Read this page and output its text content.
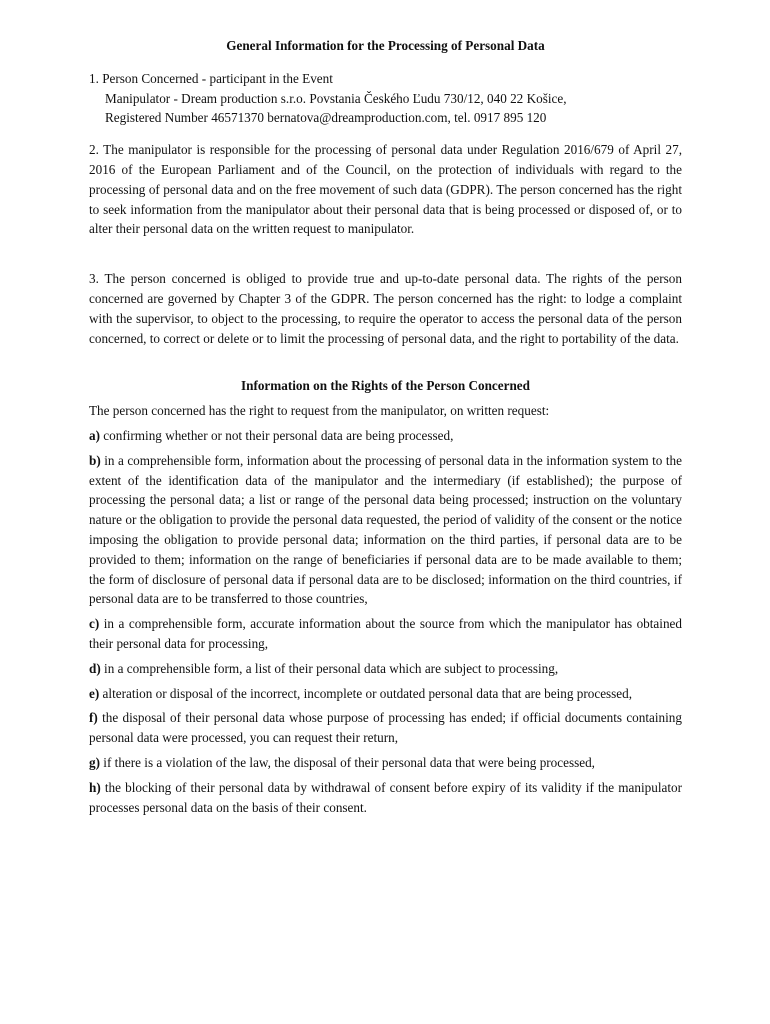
General Information for the Processing of Personal Data

1. Person Concerned - participant in the Event

Manipulator - Dream production s.r.o. Povstania Českého Ľudu 730/12, 040 22 Košice,

Registered Number 46571370 bernatova@dreamproduction.com, tel. 0917 895 120

2. The manipulator is responsible for the processing of personal data under Regulation 2016/679 of April 27, 2016 of the European Parliament and of the Council, on the protection of individuals with regard to the processing of personal data and on the free movement of such data (GDPR). The person concerned has the right to seek information from the manipulator about their personal data that is being processed or disposed of, or to alter their personal data on the written request to manipulator.

3. The person concerned is obliged to provide true and up-to-date personal data. The rights of the person concerned are governed by Chapter 3 of the GDPR. The person concerned has the right: to lodge a complaint with the supervisor, to object to the processing, to require the operator to access the personal data of the person concerned, to correct or delete or to limit the processing of personal data, and the right to portability of the data.

Information on the Rights of the Person Concerned

The person concerned has the right to request from the manipulator, on written request:

a) confirming whether or not their personal data are being processed,

b) in a comprehensible form, information about the processing of personal data in the information system to the extent of the identification data of the manipulator and the intermediary (if established); the purpose of processing the personal data; a list or range of the personal data being processed; instruction on the voluntary nature or the obligation to provide the personal data requested, the period of validity of the consent or the notice imposing the obligation to provide personal data; information on the third parties, if personal data are to be provided to them; information on the range of beneficiaries if personal data are to be made available to them; the form of disclosure of personal data if personal data are to be disclosed; information on the third countries, if personal data are to be transferred to those countries,

c) in a comprehensible form, accurate information about the source from which the manipulator has obtained their personal data for processing,

d) in a comprehensible form, a list of their personal data which are subject to processing,

e) alteration or disposal of the incorrect, incomplete or outdated personal data that are being processed,

f) the disposal of their personal data whose purpose of processing has ended; if official documents containing personal data were processed, you can request their return,

g) if there is a violation of the law, the disposal of their personal data that were being processed,

h) the blocking of their personal data by withdrawal of consent before expiry of its validity if the manipulator processes personal data on the basis of their consent.
